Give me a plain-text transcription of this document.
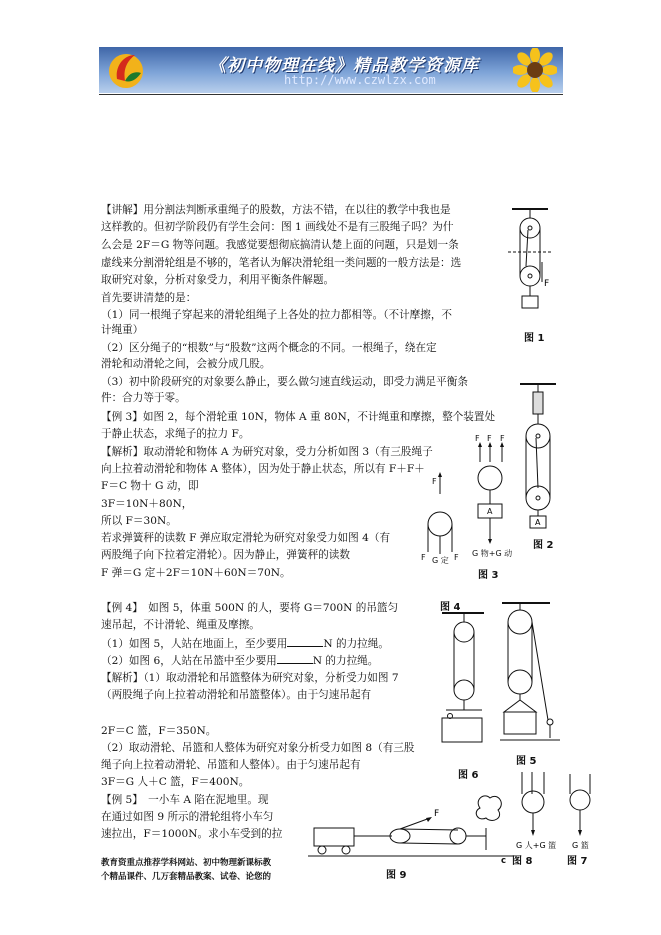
《初中物理在线》精品教学资源库
http://www.czwlzx.com
【讲解】用分割法判断承重绳子的股数，方法不错，在以往的教学中我也是
这样教的。但初学阶段仍有学生会问：图 1 画线处不是有三股绳子吗？为什
么会是 2F＝G 物等问题。我感觉要想彻底搞清认楚上面的问题，只是划一条
虚线来分割滑轮组是不够的，笔者认为解决滑轮组一类问题的一般方法是：选
取研究对象，分析对象受力，利用平衡条件解题。
首先要讲清楚的是：
（1）同一根绳子穿起来的滑轮组绳子上各处的拉力都相等。（不计摩擦，不
计绳重）
（2）区分绳子的“根数”与“股数”这两个概念的不同。一根绳子，绕在定
滑轮和动滑轮之间，会被分成几股。
（3）初中阶段研究的对象要么静止，要么做匀速直线运动，即受力满足平衡条
件：合力等于零。
【例 3】如图 2，每个滑轮重 10N，物体 A 重 80N，不计绳重和摩擦，整个装置处
于静止状态，求绳子的拉力 F。
【解析】取动滑轮和物体 A 为研究对象，受力分析如图 3（有三股绳子
向上拉着动滑轮和物体 A 整体），因为处于静止状态，所以有 F＋F＋
F＝C 物十 G 动，即
3F＝10N＋80N，
所以 F＝30N。
若求弹簧秤的读数 F 弹应取定滑轮为研究对象受力如图 4（有
两股绳子向下拉着定滑轮）。因为静止，弹簧秤的读数
F 弹＝G 定＋2F＝10N＋60N＝70N。
【例 4】　如图 5，体重 500N 的人，要将 G＝700N 的吊篮匀
速吊起，不计滑轮、绳重及摩擦。
（1）如图 5，人站在地面上，至少要用	N 的力拉绳。
（2）如图 6，人站在吊篮中至少要用	N 的力拉绳。
【解析】（1）取动滑轮和吊篮整体为研究对象，分析受力如图 7
（两股绳子向上拉着动滑轮和吊篮整体）。由于匀速吊起有
2F＝C 篮，F＝350N。
（2）取动滑轮、吊篮和人整体为研究对象分析受力如图 8（有三股
绳子向上拉着动滑轮、吊篮和人整体）。由于匀速吊起有
3F＝G 人＋C 篮，F＝400N。
【例 5】　一小车 A 陷在泥地里。现
在通过如图 9 所示的滑轮组将小车匀
速拉出，F＝1000N。求小车受到的拉
F
图 1
A
图 2
F F F
A
F
F	F G 物+G 动
G 定
图 3
图 4
图 6
图 5
G 人+G 篮
图 8
G 篮
图 7
F
图 9
教育资重点推荐学科网站、初中物理新课标教
个精品课件、几万套精品教案、试卷、论您的
c
